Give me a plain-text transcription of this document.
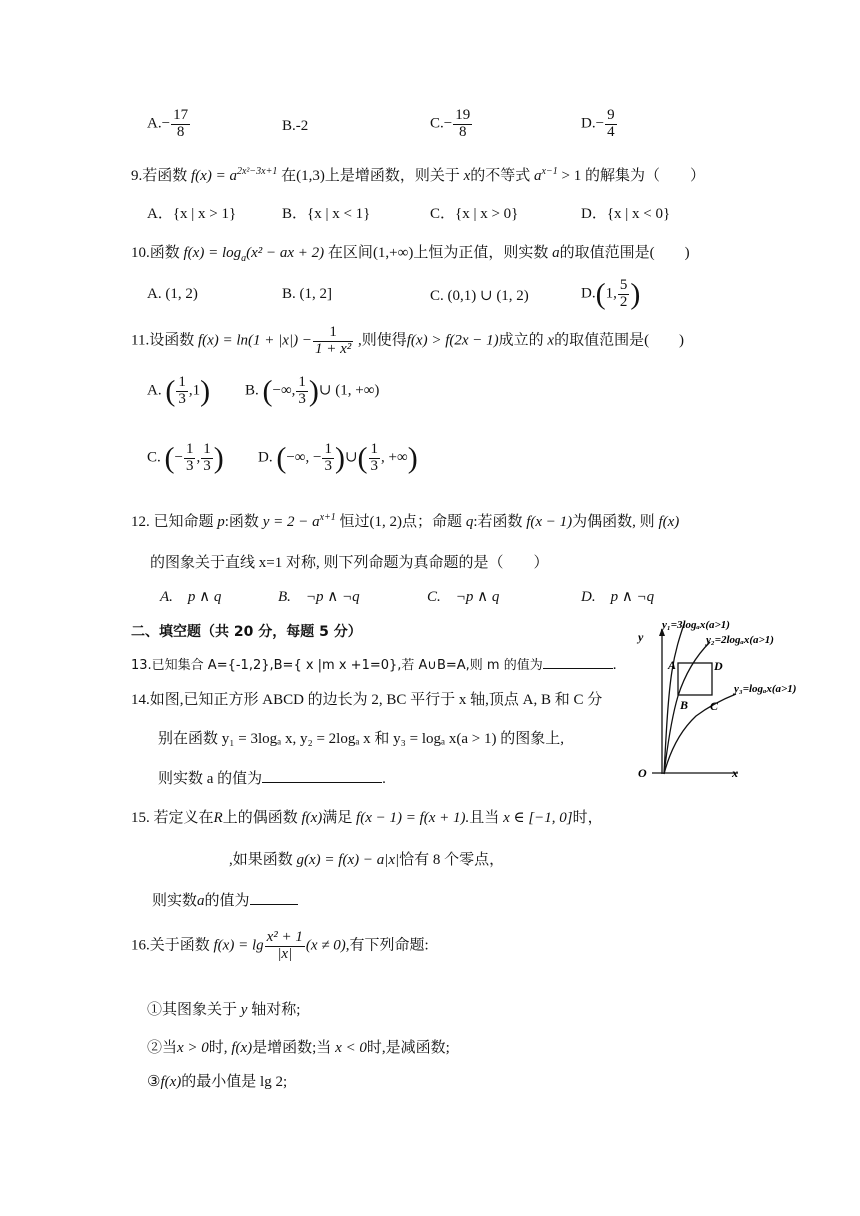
$A.- \frac{17}{8}$	B.-2	$C.- \frac{19}{8}$	$D.- \frac{9}{4}$
9.若函数 $f(x) = a^{2x^2-3x+1}$ 在(1,3)上是增函数，则关于 x的不等式 $a^{x-1} > 1$ 的解集为（　　）
A．{x | x > 1}	B．{x | x < 1}	C．{x | x > 0}	D．{x | x < 0}
10.函数 $f(x) = \log_a(x^2$ − ax + 2) 在区间(1,+∞)上恒为正值，则实数 a的取值范围是(　　)
A. (1, 2)	B. (1, 2]	C. (0,1) ∪ (1, 2)	D.(1, $\frac{5}{2}$ )
11.设函数 $f(x) = \ln(1 + |x|) - \frac{1}{\text{1 + x²}}$ ,则使得f(x) > f(2x − 1)成立的 x的取值范围是(　　)
A. ( $\frac{1}{3} ,1$) B. (−∞, $\frac{1}{3}$ )∪ (1, +∞)
C. (− $\frac{1}{3}$ , $\frac{1}{3}$ ) D. (−∞, − $\frac{1}{3}$ )∪( $\frac{1}{3}$ , +∞)
12. 已知命题 p:函数 $y = 2 - a^{x+1}$ 恒过(1, 2)点；命题 q:若函数 f(x − 1)为偶函数, 则 f(x)
的图象关于直线 x=1 对称, 则下列命题为真命题的是（　　）
A.　p ∧ q	B.　¬p ∧ ¬q	C.　¬p ∧ q	D.　p ∧ ¬q
二、填空题（共 20 分，每题 5 分）
13.已知集合 A={-1,2},B={ x |m x +1=0},若 A∪B=A,则 m 的值为	.
14.如图,已知正方形 ABCD 的边长为 2, BC 平行于 x 轴,顶点 A, B 和 C 分
别在函数 y₁ = 3logₐ x, y₂ = 2logₐ x 和 y₃ = logₐ x(a > 1) 的图象上,
则实数 a 的值为	.
y
x
O
A	D
B C
y₁=3logₐx(a>1)
y₂=2logₐx(a>1)
y₃=logₐx(a>1)
15. 若定义在R上的偶函数 f(x)满足 f(x − 1) = f(x + 1).且当 x ∈ [−1, 0]时，
,如果函数 g(x) = f(x) − a|x|恰有 8 个零点，
则实数a的值为
16.关于函数 $f(x) = \lg \frac{\text{x² + 1}}{|x|} (x \ne 0)$,有下列命题:
①其图象关于 y 轴对称;
②当x > 0时, f(x)是增函数;当 x < 0时,是减函数;
③f(x)的最小值是 lg 2;
